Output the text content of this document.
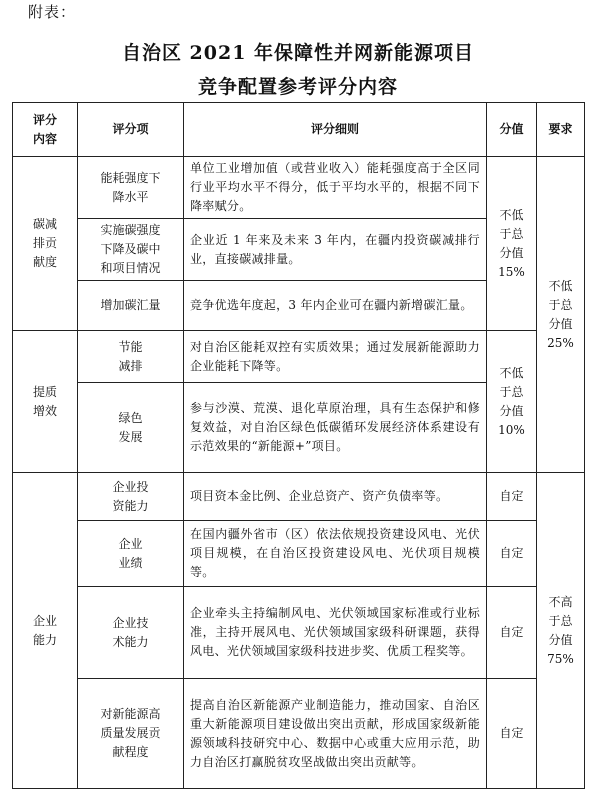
附表：
自治区 2021 年保障性并网新能源项目
竞争配置参考评分内容
评分
内容	评分项	评分细则	分值	要求
碳减
排贡
献度	能耗强度下
降水平	单位工业增加值（或营业收入）能耗强度高于全区同行业平均水平不得分，低于平均水平的，根据不同下降率赋分。	不低
于总
分值
15%	不低
于总
分值
25%
	实施碳强度
下降及碳中
和项目情况	企业近 1 年来及未来 3 年内，在疆内投资碳减排行业，直接碳减排量。		
	增加碳汇量	竞争优选年度起，3 年内企业可在疆内新增碳汇量。		
提质
增效	节能
减排	对自治区能耗双控有实质效果；通过发展新能源助力企业能耗下降等。	不低
于总
分值
10%	
	绿色
发展	参与沙漠、荒漠、退化草原治理，具有生态保护和修复效益，对自治区绿色低碳循环发展经济体系建设有示范效果的“新能源+”项目。		
企业
能力	企业投
资能力	项目资本金比例、企业总资产、资产负债率等。	自定	不高
于总
分值
75%
	企业
业绩	在国内疆外省市（区）依法依规投资建设风电、光伏项目规模，在自治区投资建设风电、光伏项目规模等。	自定	
	企业技
术能力	企业牵头主持编制风电、光伏领域国家标准或行业标准，主持开展风电、光伏领域国家级科研课题，获得风电、光伏领域国家级科技进步奖、优质工程奖等。	自定	
	对新能源高
质量发展贡
献程度	提高自治区新能源产业制造能力，推动国家、自治区重大新能源项目建设做出突出贡献，形成国家级新能源领域科技研究中心、数据中心或重大应用示范，助力自治区打赢脱贫攻坚战做出突出贡献等。	自定	
